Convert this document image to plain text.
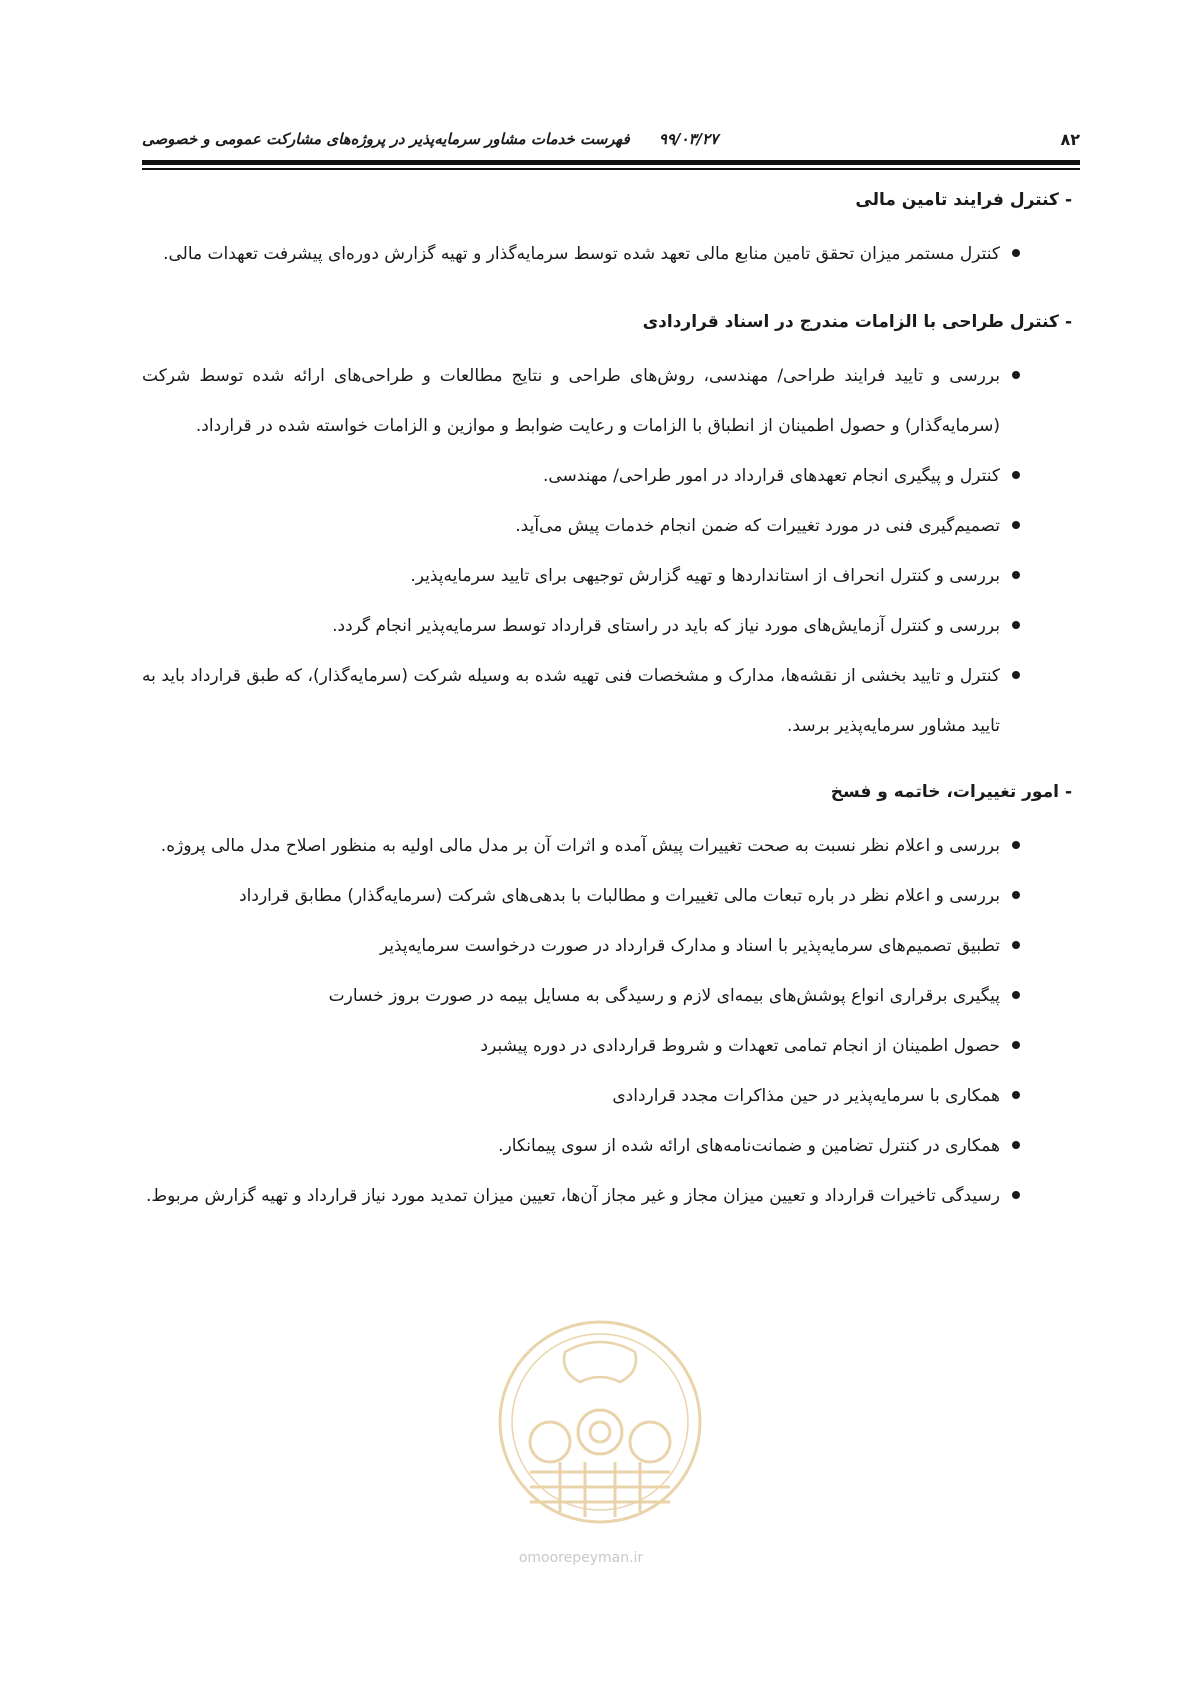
۸۲
۹۹/۰۳/۲۷ فهرست خدمات مشاور سرمایه‌پذیر در پروژه‌های مشارکت عمومی و خصوصی
-کنترل فرایند تامین مالی
کنترل مستمر میزان تحقق تامین منابع مالی تعهد شده توسط سرمایه‌گذار و تهیه گزارش دوره‌ای پیشرفت تعهدات مالی.
-کنترل طراحی با الزامات مندرج در اسناد قراردادی
بررسی و تایید فرایند طراحی/ مهندسی، روش‌های طراحی و نتایج مطالعات و طراحی‌های ارائه شده توسط شرکت (سرمایه‌گذار) و حصول اطمینان از انطباق با الزامات و رعایت ضوابط و موازین و الزامات خواسته شده در قرارداد.
کنترل و پیگیری انجام تعهدهای قرارداد در امور طراحی/ مهندسی.
تصمیم‌گیری فنی در مورد تغییرات که ضمن انجام خدمات پیش می‌آید.
بررسی و کنترل انحراف از استانداردها و تهیه گزارش توجیهی برای تایید سرمایه‌پذیر.
بررسی و کنترل آزمایش‌های مورد نیاز که باید در راستای قرارداد توسط سرمایه‌پذیر انجام گردد.
کنترل و تایید بخشی از نقشه‌ها، مدارک و مشخصات فنی تهیه شده به وسیله شرکت (سرمایه‌گذار)، که طبق قرارداد باید به تایید مشاور سرمایه‌پذیر برسد.
-امور تغییرات، خاتمه و فسخ
بررسی و اعلام نظر نسبت به صحت تغییرات پیش آمده و اثرات آن بر مدل مالی اولیه به منظور اصلاح مدل مالی پروژه.
بررسی و اعلام نظر در باره تبعات مالی تغییرات و مطالبات با بدهی‌های شرکت (سرمایه‌گذار) مطابق قرارداد
تطبیق تصمیم‌های سرمایه‌پذیر با اسناد و مدارک قرارداد در صورت درخواست سرمایه‌پذیر
پیگیری برقراری انواع پوشش‌های بیمه‌ای لازم و رسیدگی به مسایل بیمه در صورت بروز خسارت
حصول اطمینان از انجام تمامی تعهدات و شروط قراردادی در دوره پیشبرد
همکاری با سرمایه‌پذیر در حین مذاکرات مجدد قراردادی
همکاری در کنترل تضامین و ضمانت‌نامه‌های ارائه شده از سوی پیمانکار.
رسیدگی تاخیرات قرارداد و تعیین میزان مجاز و غیر مجاز آن‌ها، تعیین میزان تمدید مورد نیاز قرارداد و تهیه گزارش مربوط.
omoorepeyman.ir
